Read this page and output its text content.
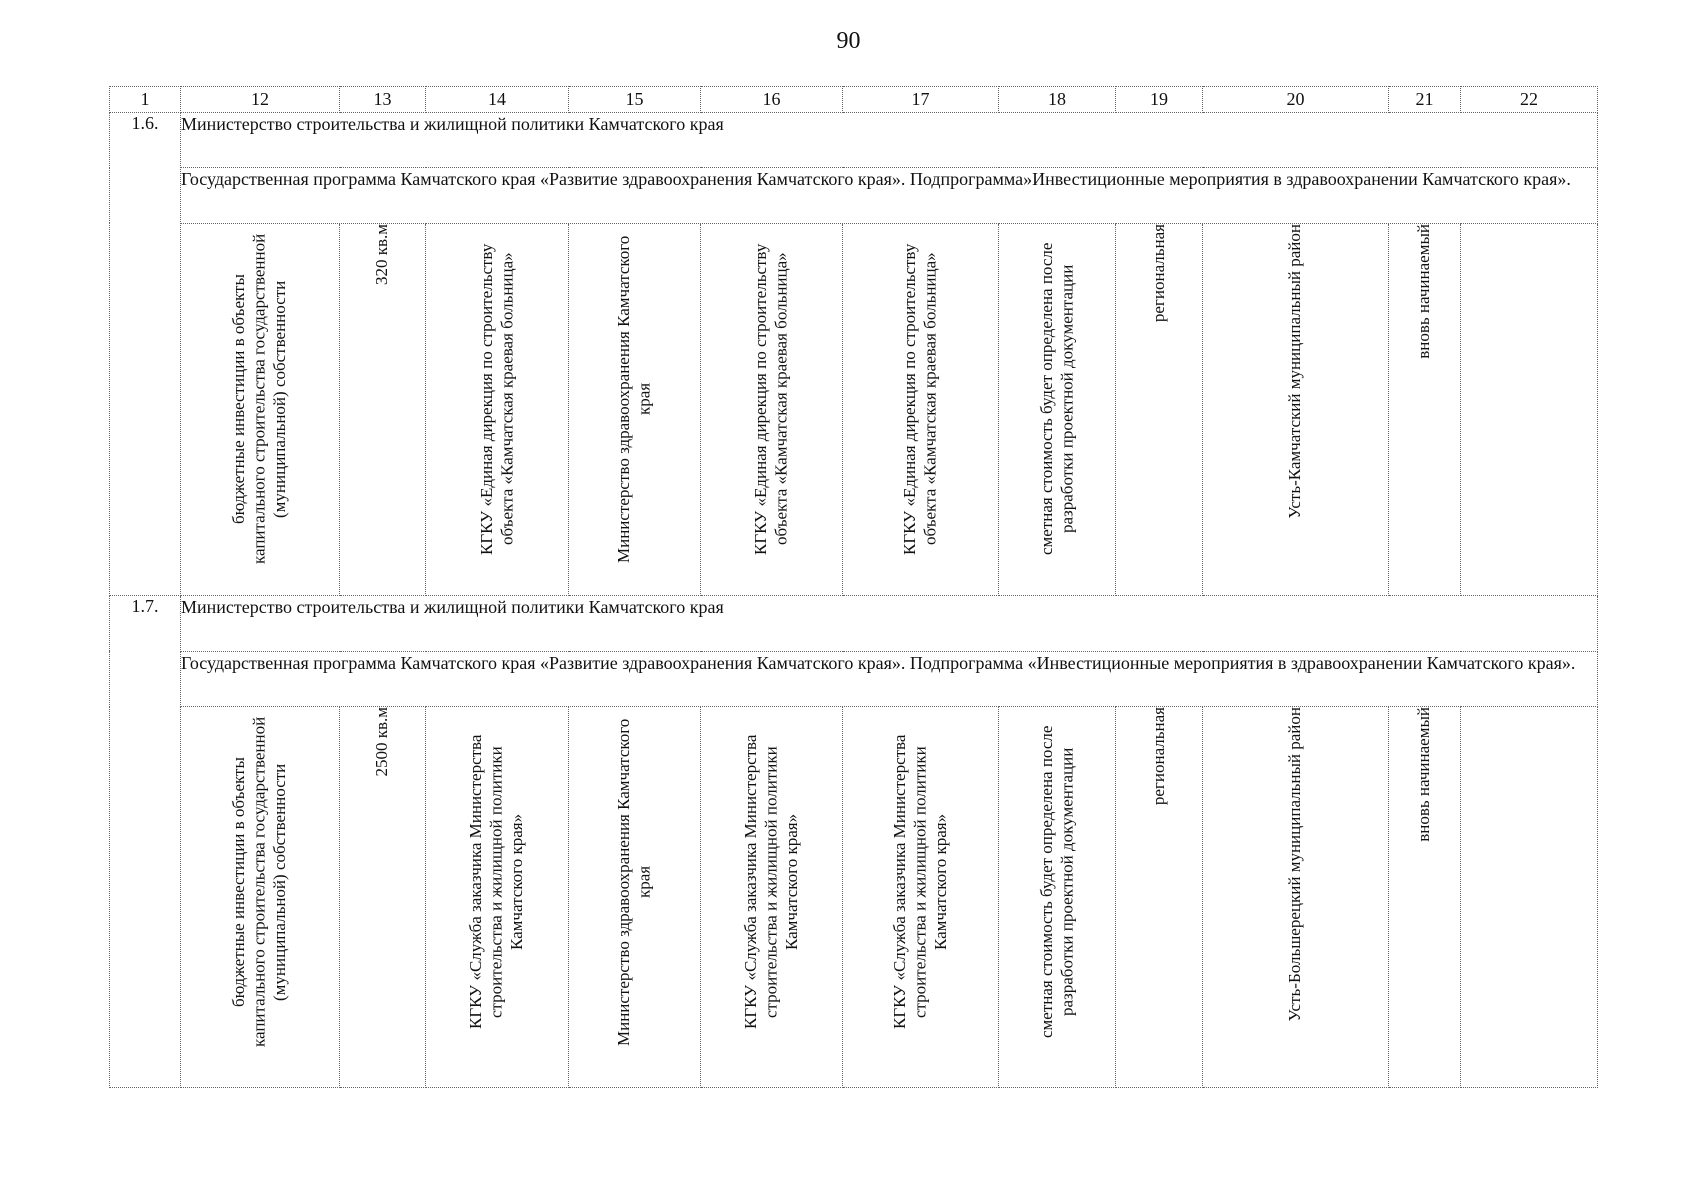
90
1	12	13	14	15	16	17	18	19	20	21	22
1.6.	Министерство строительства и жилищной политики Камчатского края										
	Государственная программа Камчатского края «Развитие здравоохранения Камчатского края». Подпрограмма»Инвестиционные мероприятия в здравоохранении Камчатского края».										

	бюджетные инвестиции в объекты капитального строительства государственной (муниципальной) собственности	320 кв.м	КГКУ «Единая дирекция по строительству объекта «Камчатская краевая больница»	Министерство здравоохранения Камчатского края	КГКУ «Единая дирекция по строительству объекта «Камчатская краевая больница»	КГКУ «Единая дирекция по строительству объекта «Камчатская краевая больница»	сметная стоимость будет определена после разработки проектной документации	региональная	Усть-Камчатский муниципальный район	вновь начинаемый	

1.7.	Министерство строительства и жилищной политики Камчатского края										
	Государственная программа Камчатского края «Развитие здравоохранения Камчатского края». Подпрограмма «Инвестиционные мероприятия в здравоохранении Камчатского края».										

	бюджетные инвестиции в объекты капитального строительства государственной (муниципальной) собственности	2500 кв.м	КГКУ «Служба заказчика Министерства строительства и жилищной политики Камчатского края»	Министерство здравоохранения Камчатского края	КГКУ «Служба заказчика Министерства строительства и жилищной политики Камчатского края»	КГКУ «Служба заказчика Министерства строительства и жилищной политики Камчатского края»	сметная стоимость будет определена после разработки проектной документации	региональная	Усть-Большерецкий муниципальный район	вновь начинаемый	
